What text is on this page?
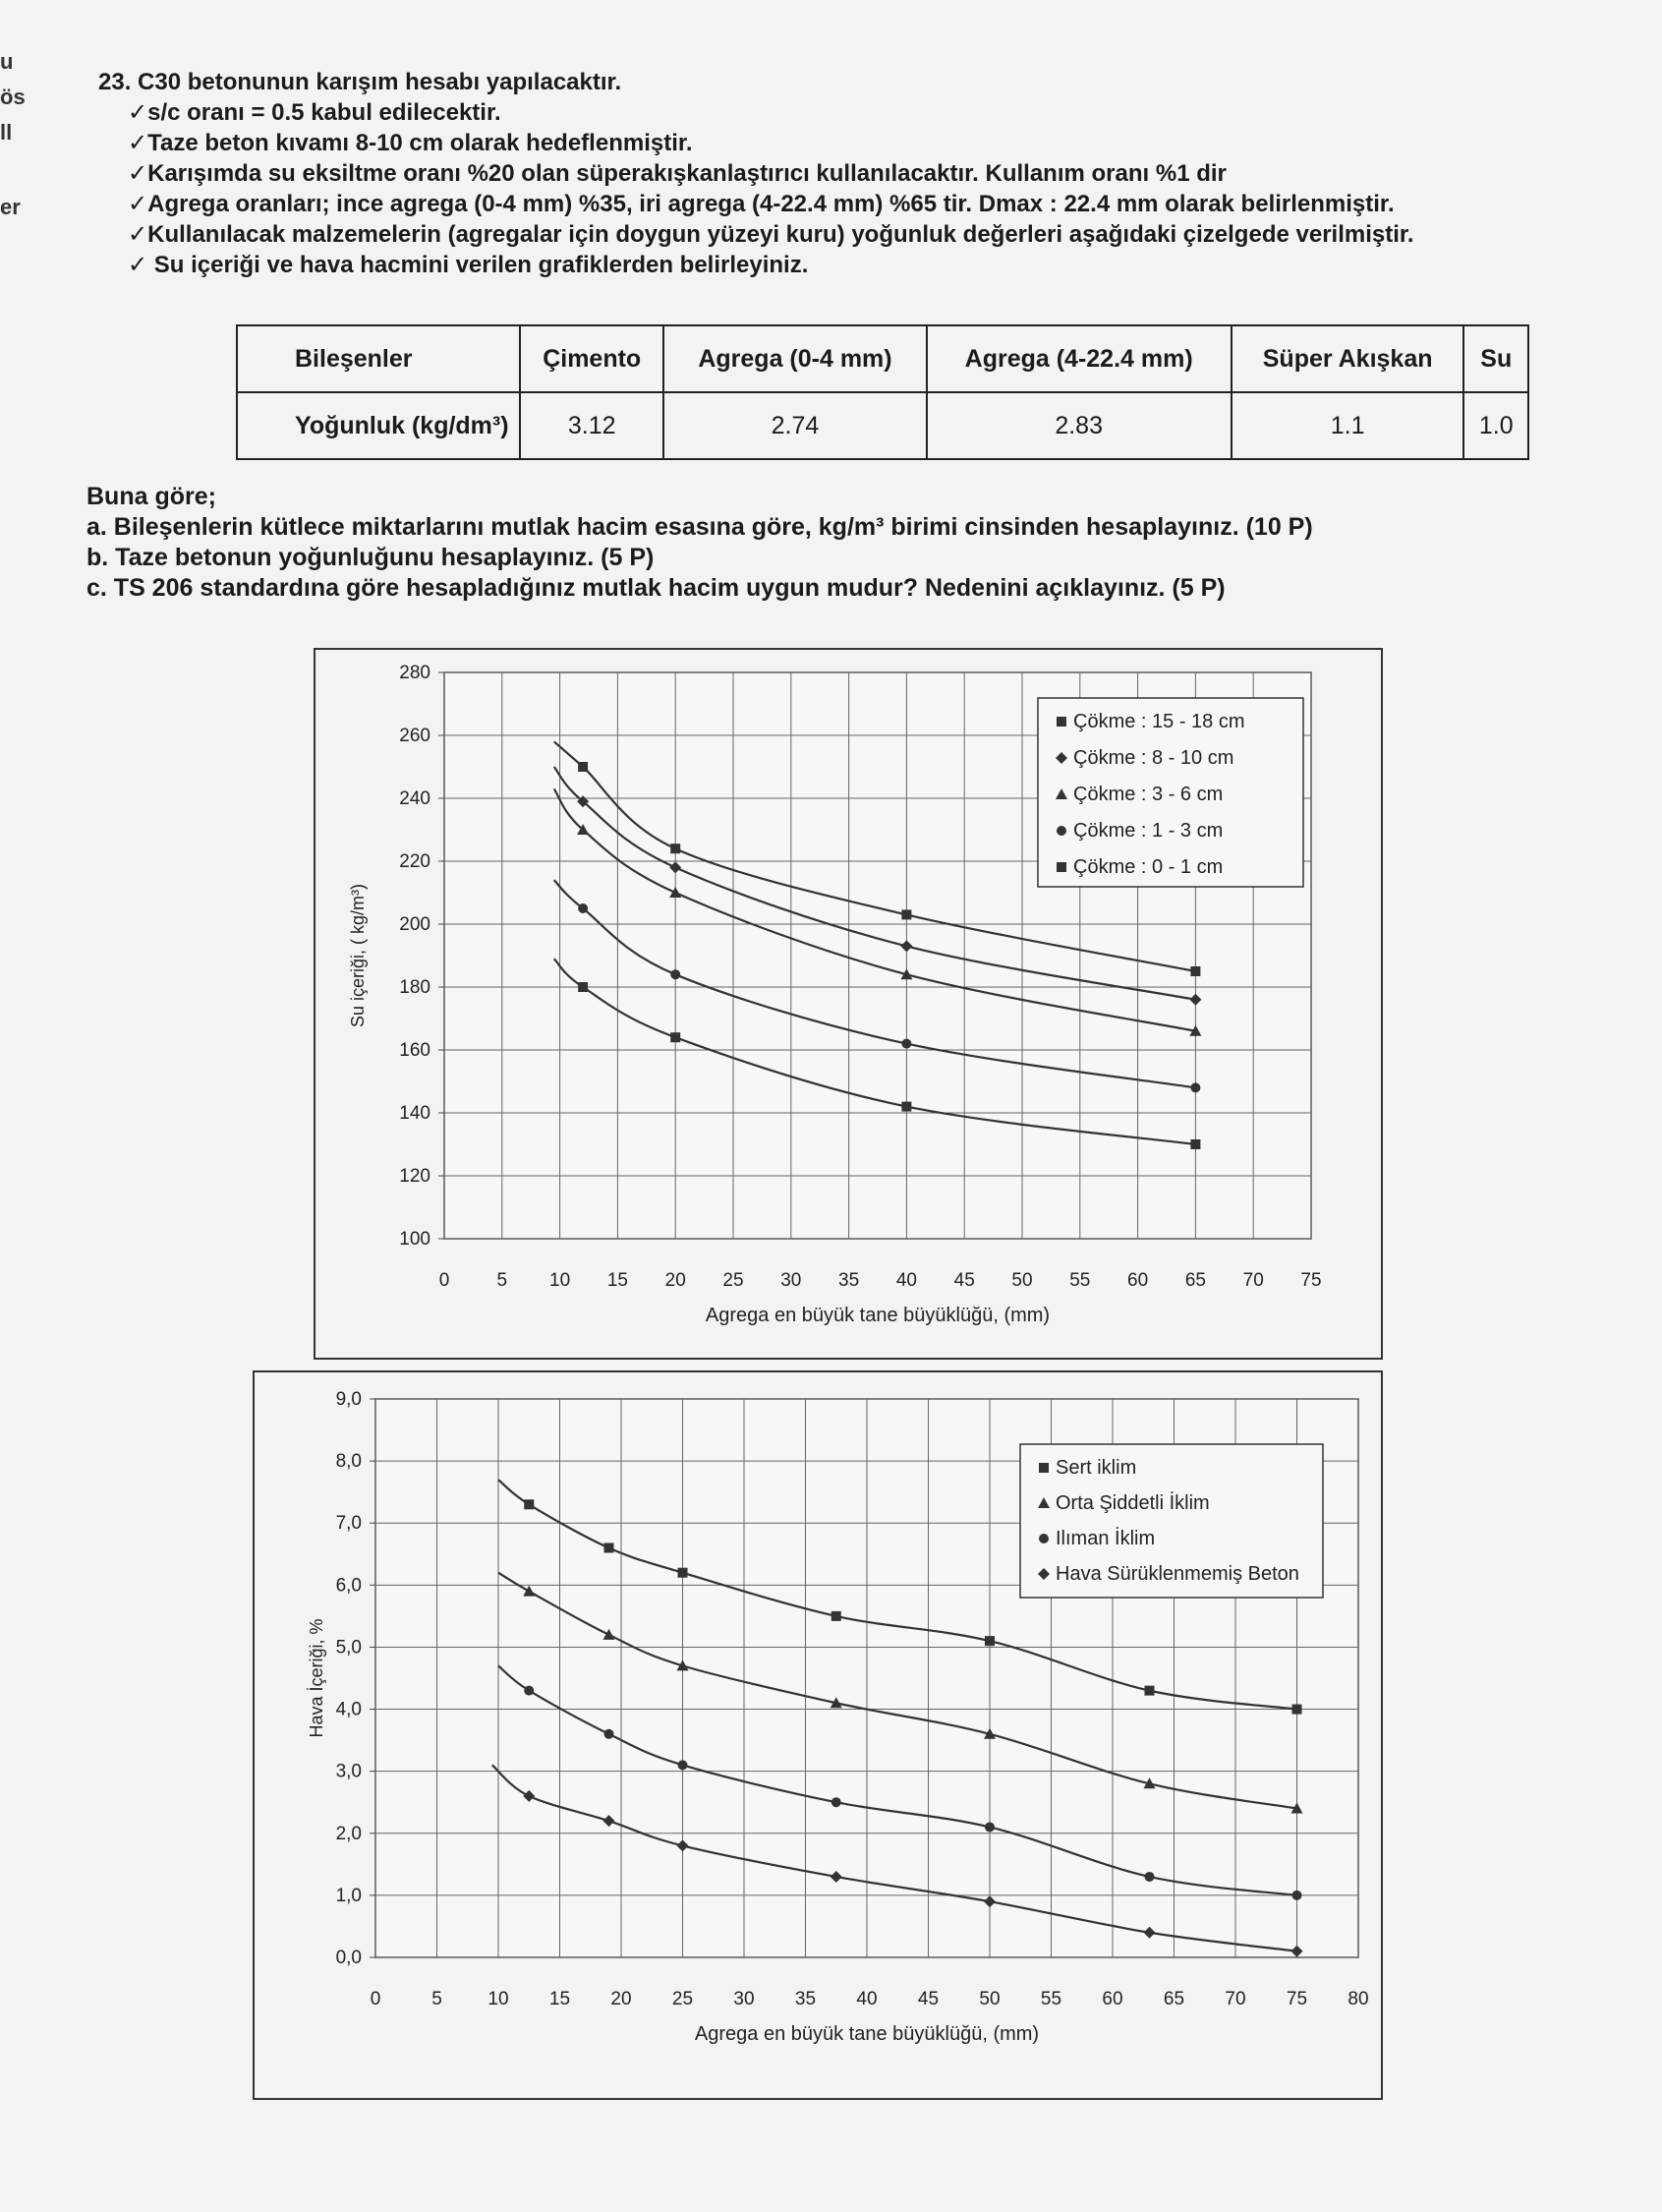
u
ös
ll
er
23. C30 betonunun karışım hesabı yapılacaktır.
✓s/c oranı = 0.5 kabul edilecektir.
✓Taze beton kıvamı 8-10 cm olarak hedeflenmiştir.
✓Karışımda su eksiltme oranı %20 olan süperakışkanlaştırıcı kullanılacaktır. Kullanım oranı %1 dir
✓Agrega oranları; ince agrega (0-4 mm) %35, iri agrega (4-22.4 mm) %65 tir. Dmax : 22.4 mm olarak belirlenmiştir.
✓Kullanılacak malzemelerin (agregalar için doygun yüzeyi kuru) yoğunluk değerleri aşağıdaki çizelgede verilmiştir.
✓ Su içeriği ve hava hacmini verilen grafiklerden belirleyiniz.
Bileşenler	Çimento	Agrega (0-4 mm)	Agrega (4-22.4 mm)	Süper Akışkan	Su
Yoğunluk (kg/dm³)	3.12	2.74	2.83	1.1	1.0
Buna göre;
a. Bileşenlerin kütlece miktarlarını mutlak hacim esasına göre, kg/m³ birimi cinsinden hesaplayınız. (10 P)
b. Taze betonun yoğunluğunu hesaplayınız. (5 P)
c. TS 206 standardına göre hesapladığınız mutlak hacim uygun mudur? Nedenini açıklayınız. (5 P)
0	5 10 15 20 25 30 35 40 45 50 55 60 65 70 75
100
120
140
160
180
200
220
240
260
280
Çökme : 15 - 18 cm
Çökme : 8 - 10 cm
Çökme : 3 - 6 cm
Çökme : 1 - 3 cm
Çökme : 0 - 1 cm
Agrega en büyük tane büyüklüğü, (mm)
Su içeriği, ( kg/m³)
0	5 10 15 20 25 30 35 40 45 50 55 60 65 70 75 80
0,0
1,0
2,0
3,0
4,0
5,0
6,0
7,0
8,0
9,0
Sert iklim
Orta Şiddetli İklim
Ilıman İklim
Hava Sürüklenmemiş Beton
Agrega en büyük tane büyüklüğü, (mm)
Hava İçeriği, %
